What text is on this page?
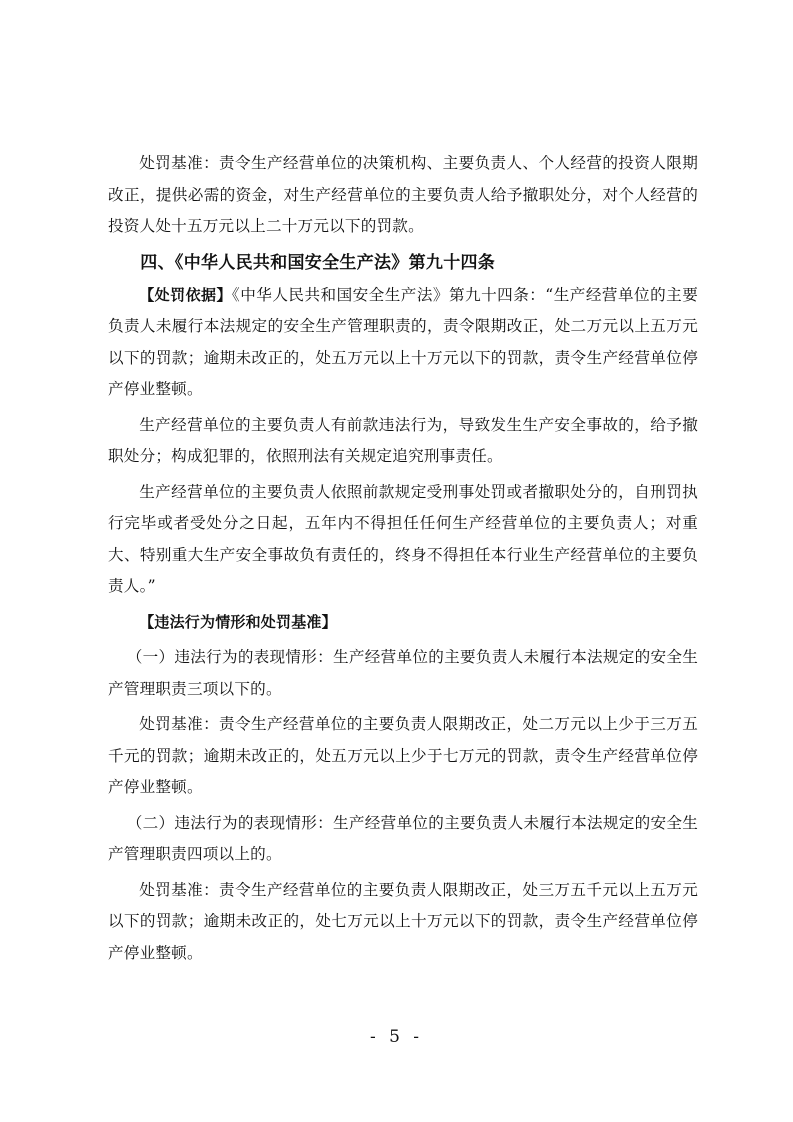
处罚基准：责令生产经营单位的决策机构、主要负责人、个人经营的投资人限期改正，提供必需的资金，对生产经营单位的主要负责人给予撤职处分，对个人经营的投资人处十五万元以上二十万元以下的罚款。

四、《中华人民共和国安全生产法》第九十四条

【处罚依据】《中华人民共和国安全生产法》第九十四条：“生产经营单位的主要负责人未履行本法规定的安全生产管理职责的，责令限期改正，处二万元以上五万元以下的罚款；逾期未改正的，处五万元以上十万元以下的罚款，责令生产经营单位停产停业整顿。

生产经营单位的主要负责人有前款违法行为，导致发生生产安全事故的，给予撤职处分；构成犯罪的，依照刑法有关规定追究刑事责任。

生产经营单位的主要负责人依照前款规定受刑事处罚或者撤职处分的，自刑罚执行完毕或者受处分之日起，五年内不得担任任何生产经营单位的主要负责人；对重大、特别重大生产安全事故负有责任的，终身不得担任本行业生产经营单位的主要负责人。”

【违法行为情形和处罚基准】

（一）违法行为的表现情形：生产经营单位的主要负责人未履行本法规定的安全生产管理职责三项以下的。

处罚基准：责令生产经营单位的主要负责人限期改正，处二万元以上少于三万五千元的罚款；逾期未改正的，处五万元以上少于七万元的罚款，责令生产经营单位停产停业整顿。

（二）违法行为的表现情形：生产经营单位的主要负责人未履行本法规定的安全生产管理职责四项以上的。

处罚基准：责令生产经营单位的主要负责人限期改正，处三万五千元以上五万元以下的罚款；逾期未改正的，处七万元以上十万元以下的罚款，责令生产经营单位停产停业整顿。

- 5 -
